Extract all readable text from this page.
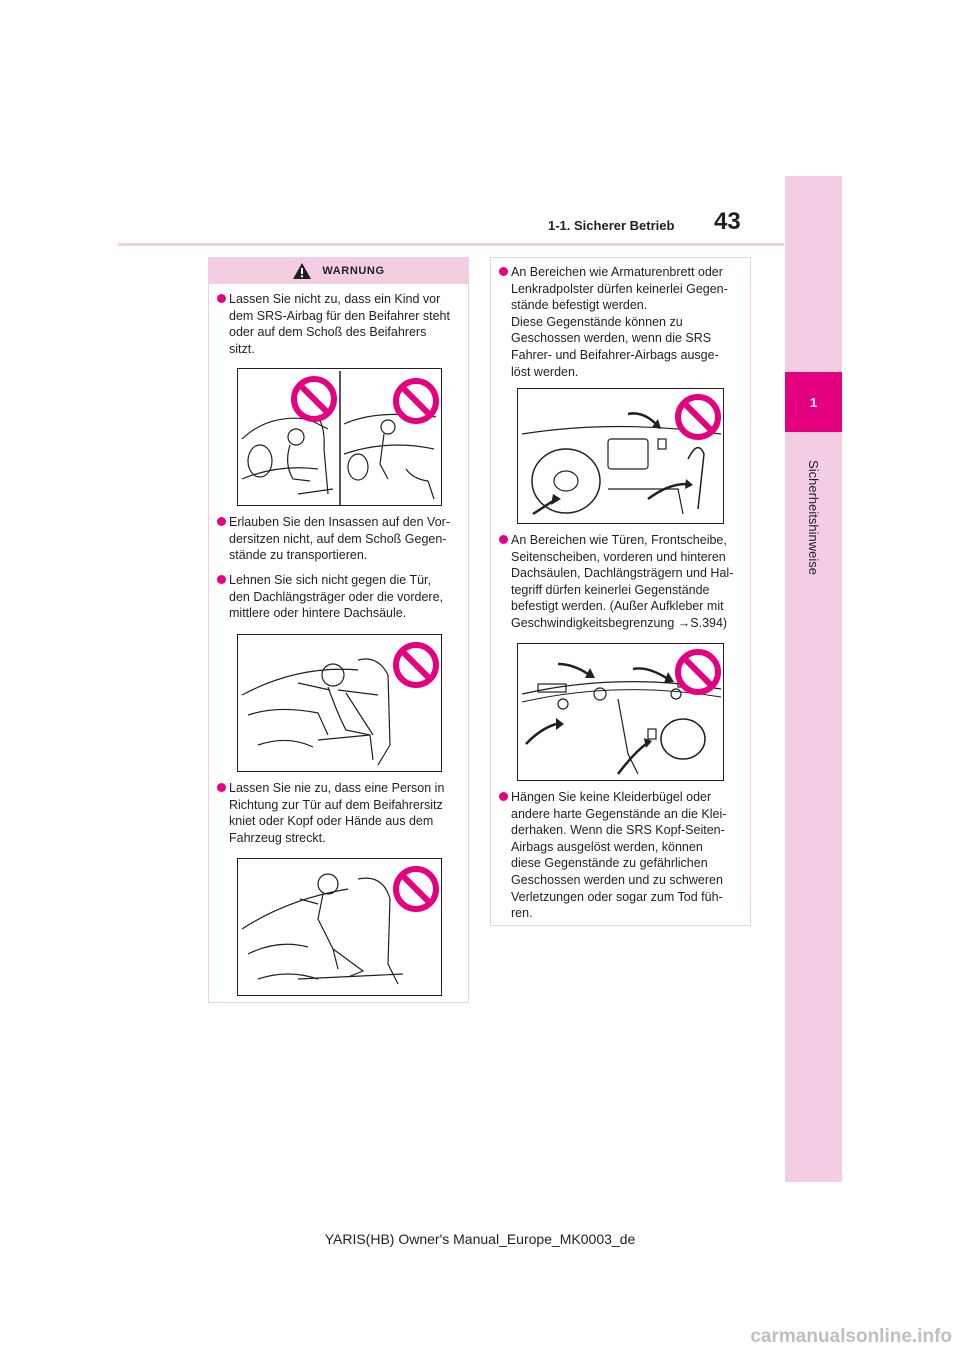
1
Sicherheitshinweise
1-1. Sicherer Betrieb 43
WARNUNG
Lassen Sie nicht zu, dass ein Kind vor
dem SRS-Airbag für den Beifahrer steht
oder auf dem Schoß des Beifahrers
sitzt.
Erlauben Sie den Insassen auf den Vor-
dersitzen nicht, auf dem Schoß Gegen-
stände zu transportieren.
Lehnen Sie sich nicht gegen die Tür,
den Dachlängsträger oder die vordere,
mittlere oder hintere Dachsäule.
Lassen Sie nie zu, dass eine Person in
Richtung zur Tür auf dem Beifahrersitz
kniet oder Kopf oder Hände aus dem
Fahrzeug streckt.
An Bereichen wie Armaturenbrett oder
Lenkradpolster dürfen keinerlei Gegen-
stände befestigt werden.
Diese Gegenstände können zu
Geschossen werden, wenn die SRS
Fahrer- und Beifahrer-Airbags ausge-
löst werden.
An Bereichen wie Türen, Frontscheibe,
Seitenscheiben, vorderen und hinteren
Dachsäulen, Dachlängsträgern und Hal-
tegriff dürfen keinerlei Gegenstände
befestigt werden. (Außer Aufkleber mit
Geschwindigkeitsbegrenzung →S.394)
Hängen Sie keine Kleiderbügel oder
andere harte Gegenstände an die Klei-
derhaken. Wenn die SRS Kopf-Seiten-
Airbags ausgelöst werden, können
diese Gegenstände zu gefährlichen
Geschossen werden und zu schweren
Verletzungen oder sogar zum Tod füh-
ren.
YARIS(HB) Owner's Manual_Europe_MK0003_de
carmanualsonline.info
